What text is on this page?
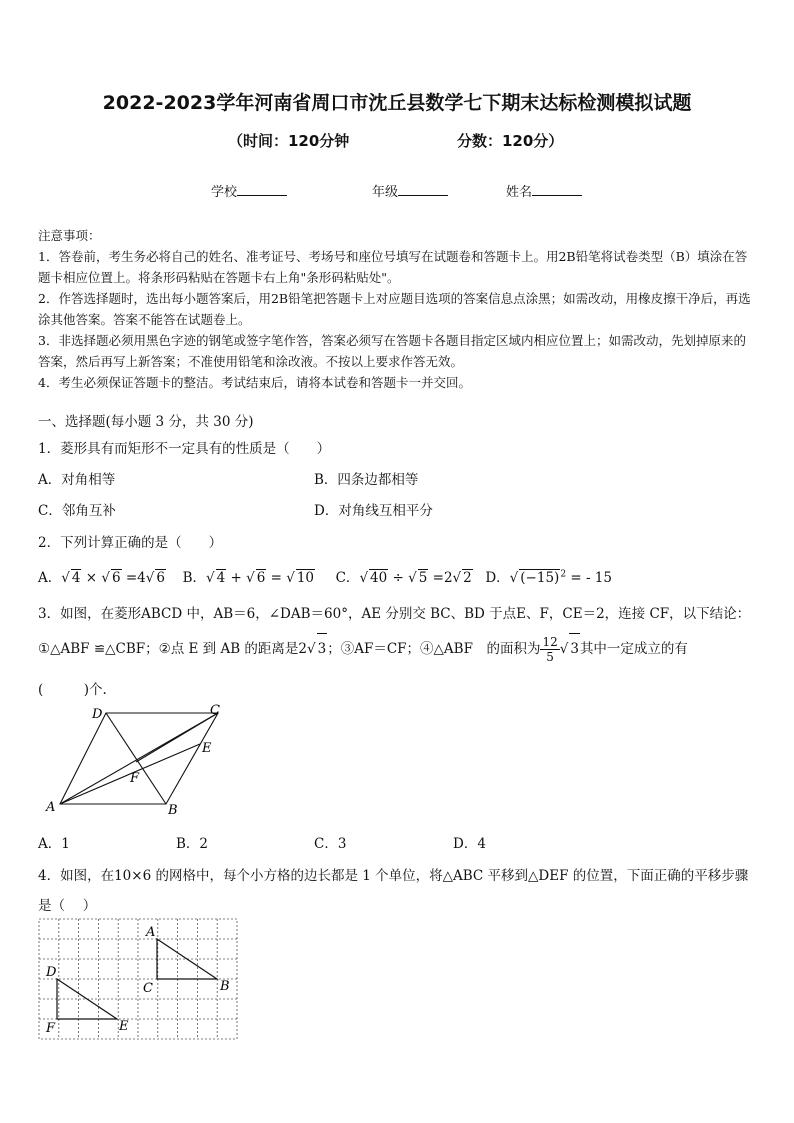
2022-2023学年河南省周口市沈丘县数学七下期末达标检测模拟试题
（时间：120分钟	分数：120分）
学校	年级	姓名

注意事项：

1．答卷前，考生务必将自己的姓名、准考证号、考场号和座位号填写在试题卷和答题卡上。用2B铅笔将试卷类型（B）填涂在答题卡相应位置上。将条形码粘贴在答题卡右上角"条形码粘贴处"。

2．作答选择题时，选出每小题答案后，用2B铅笔把答题卡上对应题目选项的答案信息点涂黑；如需改动，用橡皮擦干净后，再选涂其他答案。答案不能答在试题卷上。

3．非选择题必须用黑色字迹的钢笔或签字笔作答，答案必须写在答题卡各题目指定区域内相应位置上；如需改动，先划掉原来的答案，然后再写上新答案；不准使用铅笔和涂改液。不按以上要求作答无效。

4．考生必须保证答题卡的整洁。考试结束后，请将本试卷和答题卡一并交回。

一、选择题(每小题 3 分，共 30 分)
1．菱形具有而矩形不一定具有的性质是（　　）
A．对角相等	B．四条边都相等
C．邻角互补	D．对角线互相平分
2．下列计算正确的是（　　）
A．√ 4 × √ 6 =4√ 6 B．√ 4 + √ 6 = √ 10 C．√ 40 ÷ √ 5 =2√ 2 D．√ $(-15)^2$ = - 15
3．如图，在菱形ABCD 中，AB＝6，∠DAB＝60°，AE 分别交 BC、BD 于点E、F，CE＝2，连接 CF，以下结论：
①△ABF ≌△CBF；②点 E 到 AB 的距离是2√ 3；③AF＝CF；④△ABF　的面积为 $\frac{12}{5}$ √ 3其中一定成立的有
(　　　)个.
A	B
C
D
E
F
A．1	B．2	C．3	D．4
4．如图，在10×6 的网格中，每个小方格的边长都是 1 个单位，将△ABC 平移到△DEF 的位置，下面正确的平移步骤
是（　 ）
A
B
C
D
E
F
